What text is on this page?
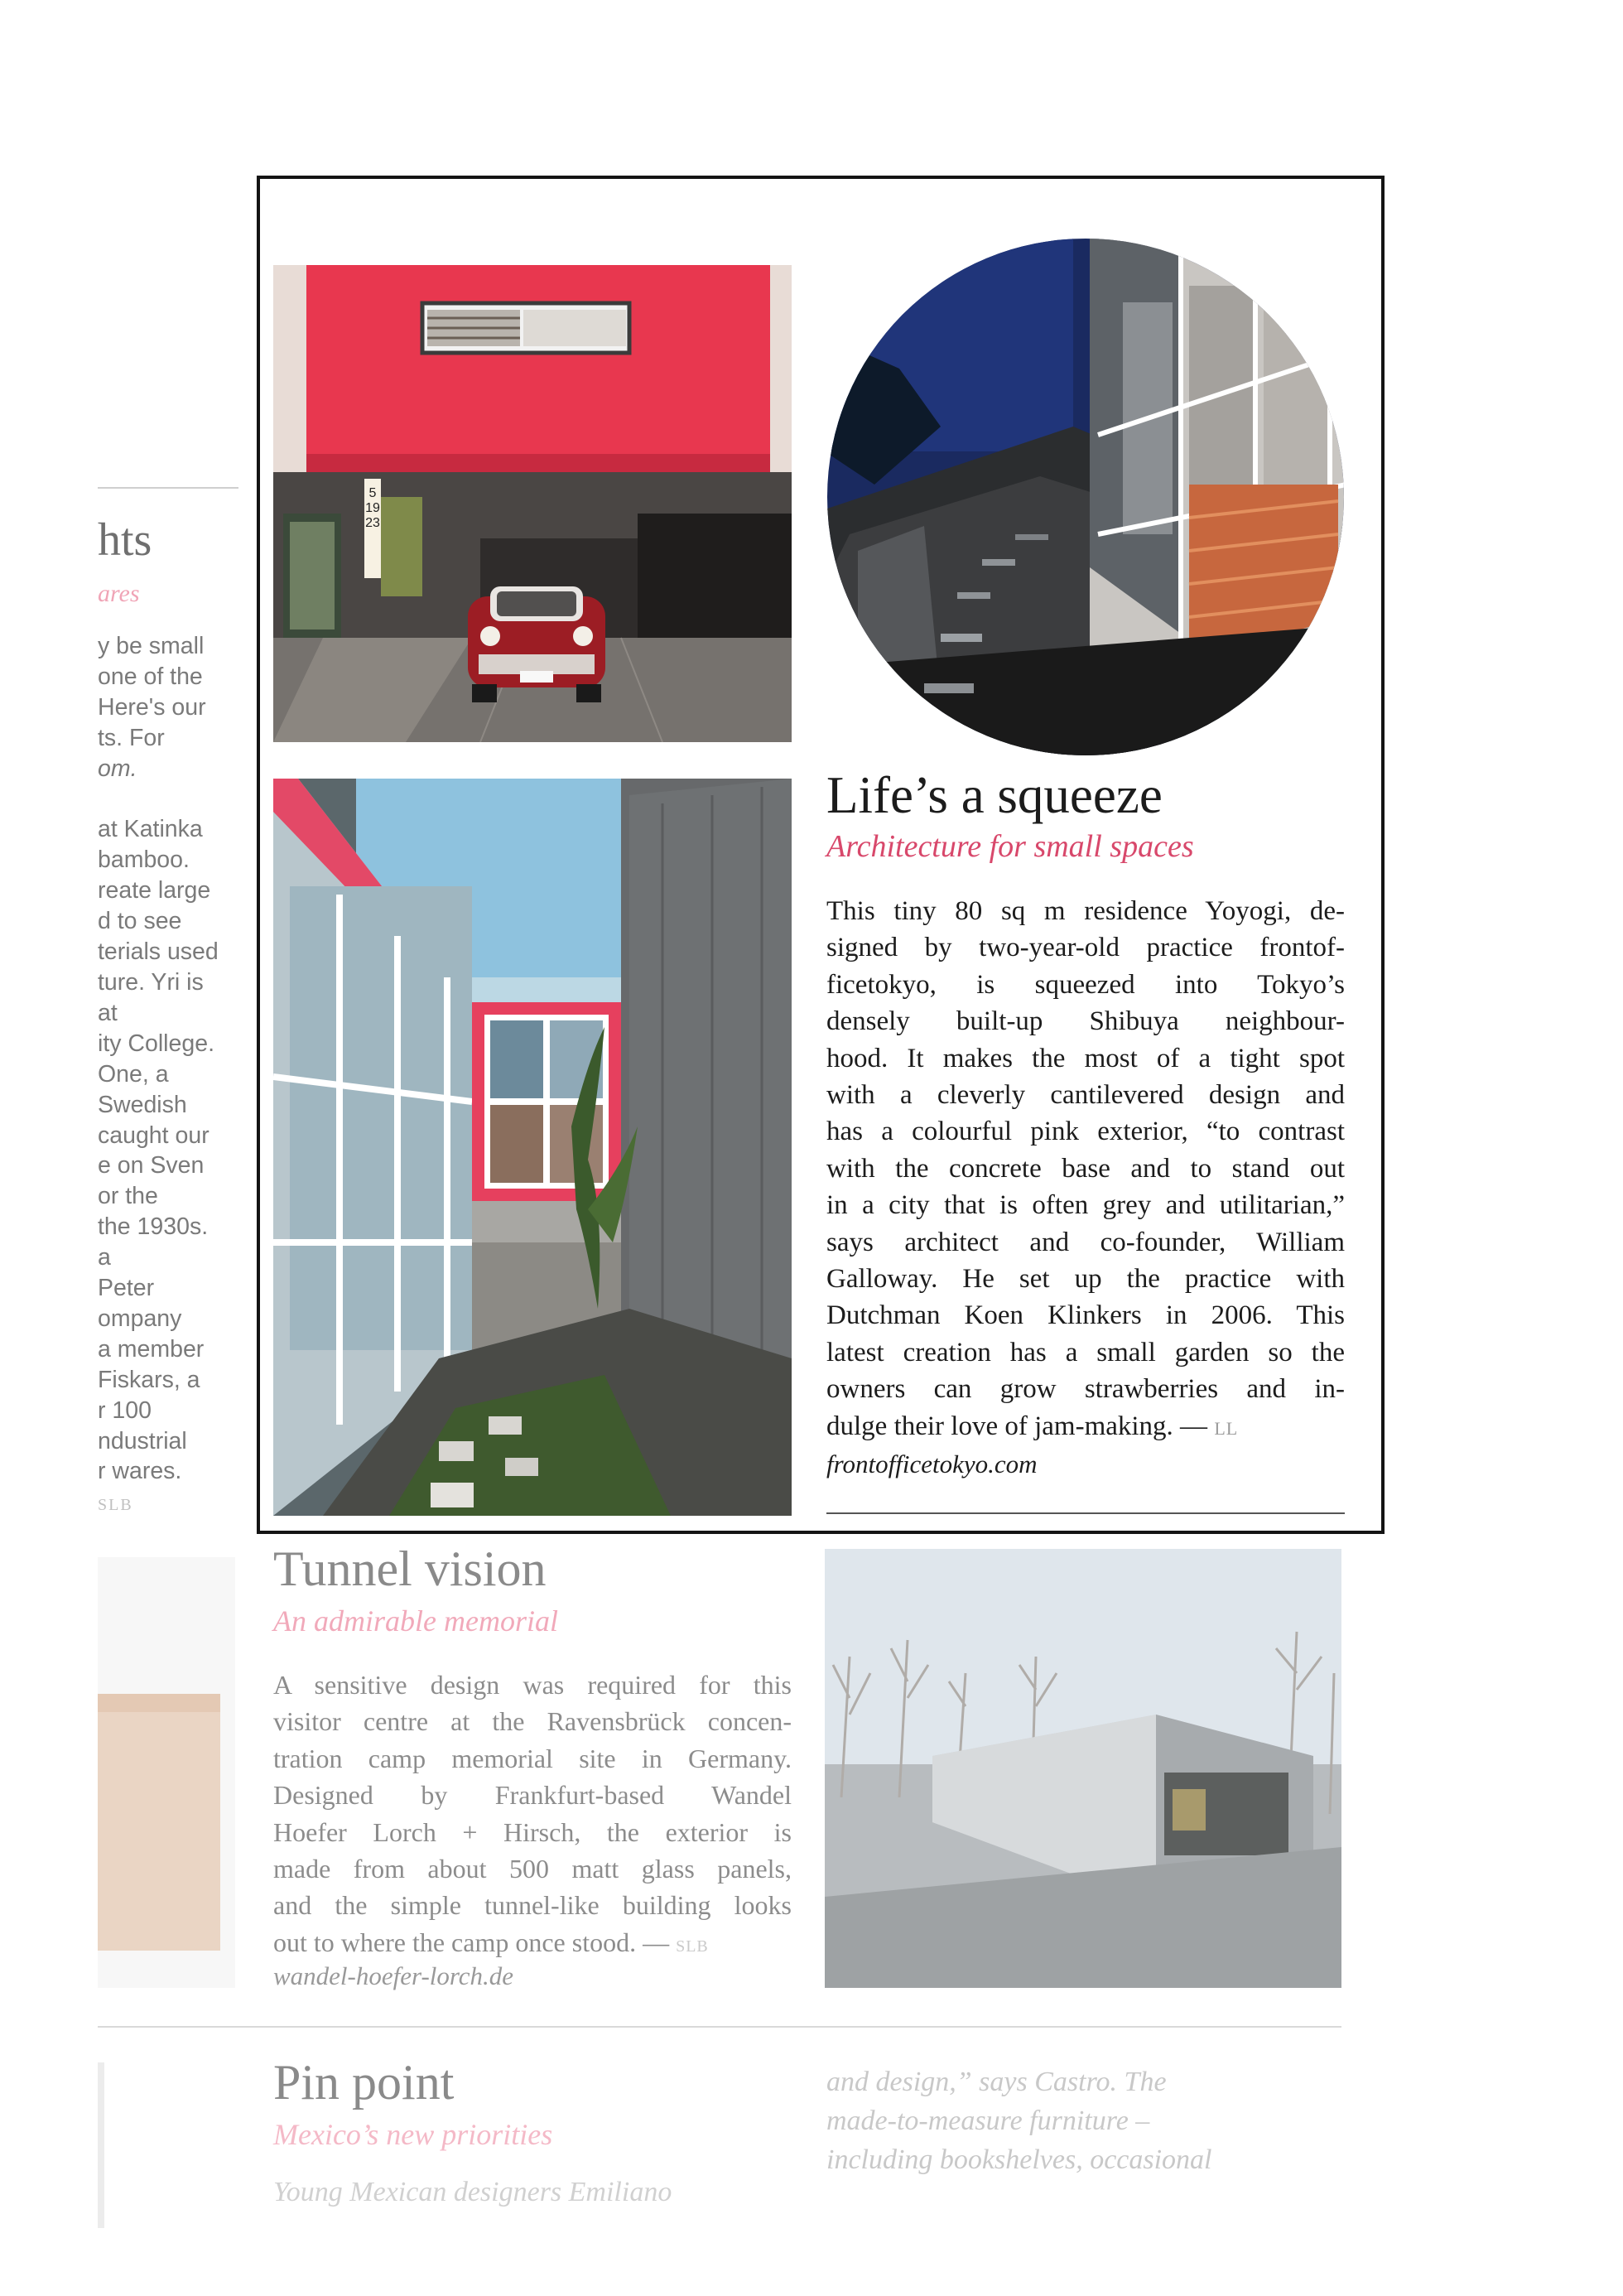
hts
ares
y be small
one of the
Here's our
ts. For
om.

at Katinka
bamboo.
reate large
d to see
terials used
ture. Yri is
at
ity College.
One, a
Swedish
caught our
e on Sven
or the
the 1930s.
a
Peter
ompany
a member
Fiskars, a
r 100
ndustrial
r wares.
SLB
5
19
23
Life’s a squeeze
Architecture for small spaces
This tiny 80 sq m residence Yoyogi, de-
signed by two-year-old practice frontof-
ficetokyo, is squeezed into Tokyo’s
densely built-up Shibuya neighbour-
hood. It makes the most of a tight spot
with a cleverly cantilevered design and
has a colourful pink exterior, “to contrast
with the concrete base and to stand out
in a city that is often grey and utilitarian,”
says architect and co-founder, William
Galloway. He set up the practice with
Dutchman Koen Klinkers in 2006. This
latest creation has a small garden so the
owners can grow strawberries and in-
dulge their love of jam-making. — LL
frontofficetokyo.com
Tunnel vision
An admirable memorial
A sensitive design was required for this
visitor centre at the Ravensbrück concen-
tration camp memorial site in Germany.
Designed by Frankfurt-based Wandel
Hoefer Lorch + Hirsch, the exterior is
made from about 500 matt glass panels,
and the simple tunnel-like building looks
out to where the camp once stood. — SLB
wandel-hoefer-lorch.de
Pin point
Mexico’s new priorities
Young Mexican designers Emiliano
and design,” says Castro. The
made-to-measure furniture –
including bookshelves, occasional
